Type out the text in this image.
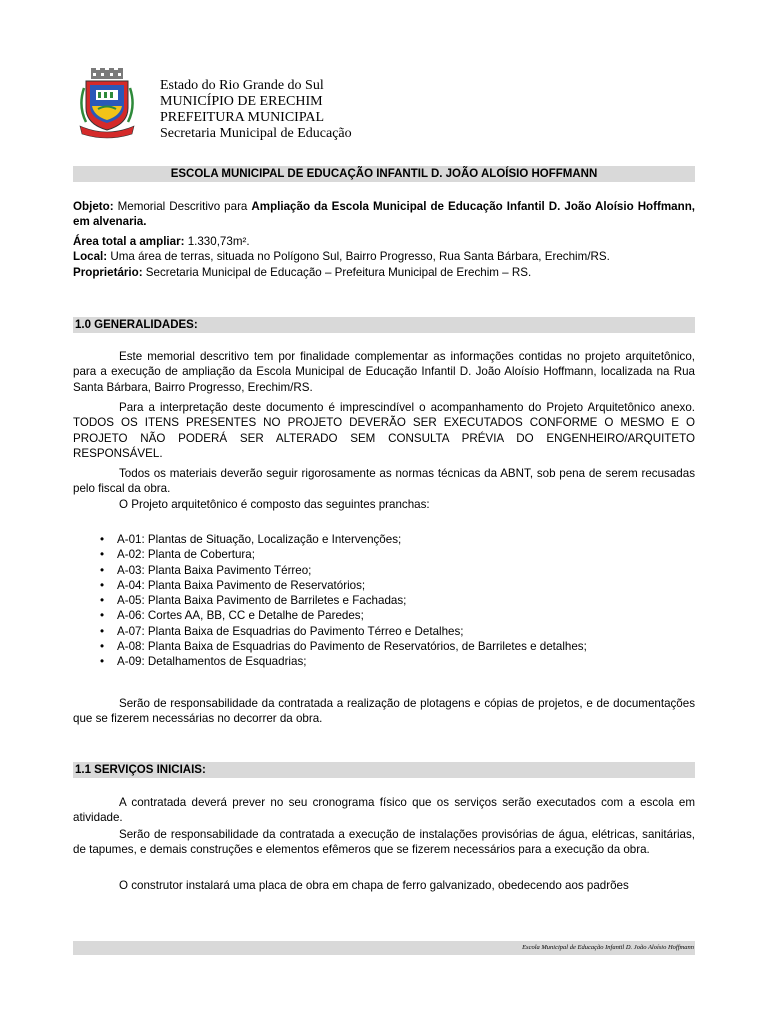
Estado do Rio Grande do Sul
MUNICÍPIO DE ERECHIM
PREFEITURA MUNICIPAL
Secretaria Municipal de Educação
ESCOLA MUNICIPAL DE EDUCAÇÃO INFANTIL D. JOÃO ALOÍSIO HOFFMANN
Objeto: Memorial Descritivo para Ampliação da Escola Municipal de Educação Infantil D. João Aloísio Hoffmann, em alvenaria.
Área total a ampliar: 1.330,73m².
Local: Uma área de terras, situada no Polígono Sul, Bairro Progresso, Rua Santa Bárbara, Erechim/RS.
Proprietário: Secretaria Municipal de Educação – Prefeitura Municipal de Erechim – RS.
1.0 GENERALIDADES:
Este memorial descritivo tem por finalidade complementar as informações contidas no projeto arquitetônico, para a execução de ampliação da Escola Municipal de Educação Infantil D. João Aloísio Hoffmann, localizada na Rua Santa Bárbara, Bairro Progresso, Erechim/RS.
Para a interpretação deste documento é imprescindível o acompanhamento do Projeto Arquitetônico anexo. TODOS OS ITENS PRESENTES NO PROJETO DEVERÃO SER EXECUTADOS CONFORME O MESMO E O PROJETO NÃO PODERÁ SER ALTERADO SEM CONSULTA PRÉVIA DO ENGENHEIRO/ARQUITETO RESPONSÁVEL.
Todos os materiais deverão seguir rigorosamente as normas técnicas da ABNT, sob pena de serem recusadas pelo fiscal da obra.
O Projeto arquitetônico é composto das seguintes pranchas:
• A-01: Plantas de Situação, Localização e Intervenções;
• A-02: Planta de Cobertura;
• A-03: Planta Baixa Pavimento Térreo;
• A-04: Planta Baixa Pavimento de Reservatórios;
• A-05: Planta Baixa Pavimento de Barriletes e Fachadas;
• A-06: Cortes AA, BB, CC e Detalhe de Paredes;
• A-07: Planta Baixa de Esquadrias do Pavimento Térreo e Detalhes;
• A-08: Planta Baixa de Esquadrias do Pavimento de Reservatórios, de Barriletes e detalhes;
• A-09: Detalhamentos de Esquadrias;
Serão de responsabilidade da contratada a realização de plotagens e cópias de projetos, e de documentações que se fizerem necessárias no decorrer da obra.
1.1 SERVIÇOS INICIAIS:
A contratada deverá prever no seu cronograma físico que os serviços serão executados com a escola em atividade.
Serão de responsabilidade da contratada a execução de instalações provisórias de água, elétricas, sanitárias, de tapumes, e demais construções e elementos efêmeros que se fizerem necessários para a execução da obra.
O construtor instalará uma placa de obra em chapa de ferro galvanizado, obedecendo aos padrões
Escola Municipal de Educação Infantil D. João Aloísio Hoffmann
